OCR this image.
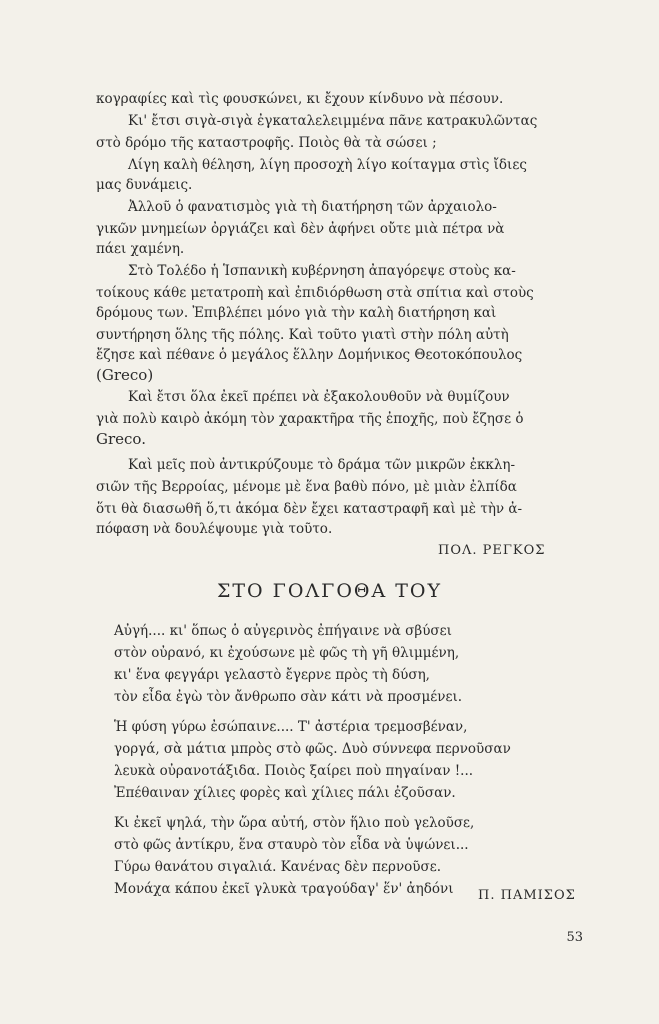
κογραφίες καὶ τὶς φουσκώνει, κι ἔχουν κίνδυνο νὰ πέσουν.
Κι' ἔτσι σιγὰ-σιγὰ ἐγκαταλελειμμένα πᾶνε κατρακυλῶντας
στὸ δρόμο τῆς καταστροφῆς. Ποιὸς θὰ τὰ σώσει ;
Λίγη καλὴ θέληση, λίγη προσοχὴ λίγο κοίταγμα στὶς ἴδιες
μας δυνάμεις.
Ἀλλοῦ ὁ φανατισμὸς γιὰ τὴ διατήρηση τῶν ἀρχαιολο-
γικῶν μνημείων ὀργιάζει καὶ δὲν ἀφήνει οὔτε μιὰ πέτρα νὰ
πάει χαμένη.
Στὸ Τολέδο ἡ Ἱσπανικὴ κυβέρνηση ἀπαγόρεψε στοὺς κα-
τοίκους κάθε μετατροπὴ καὶ ἐπιδιόρθωση στὰ σπίτια καὶ στοὺς
δρόμους των. Ἐπιβλέπει μόνο γιὰ τὴν καλὴ διατήρηση καὶ
συντήρηση ὅλης τῆς πόλης. Καὶ τοῦτο γιατὶ στὴν πόλη αὐτὴ
ἔζησε καὶ πέθανε ὁ μεγάλος ἕλλην Δομήνικος Θεοτοκόπουλος
(Greco)
Καὶ ἔτσι ὅλα ἐκεῖ πρέπει νὰ ἐξακολουθοῦν νὰ θυμίζουν
γιὰ πολὺ καιρὸ ἀκόμη τὸν χαρακτῆρα τῆς ἐποχῆς, ποὺ ἔζησε ὁ
Greco.
Καὶ μεῖς ποὺ ἀντικρύζουμε τὸ δράμα τῶν μικρῶν ἐκκλη-
σιῶν τῆς Βερροίας, μένομε μὲ ἕνα βαθὺ πόνο, μὲ μιὰν ἐλπίδα
ὅτι θὰ διασωθῆ ὅ,τι ἀκόμα δὲν ἔχει καταστραφῆ καὶ μὲ τὴν ἀ-
πόφαση νὰ δουλέψουμε γιὰ τοῦτο.
ΠΟΛ. ΡΕΓΚΟΣ
ΣΤΟ ΓΟΛΓΟΘΑ ΤΟΥ
Αὐγή.... κι' ὅπως ὁ αὐγερινὸς ἐπήγαινε νὰ σβύσει
στὸν οὐρανό, κι ἐχούσωνε μὲ φῶς τὴ γῆ θλιμμένη,
κι' ἕνα φεγγάρι γελαστὸ ἔγερνε πρὸς τὴ δύση,
τὸν εἶδα ἐγὼ τὸν ἄνθρωπο σὰν κάτι νὰ προσμένει.
Ἡ φύση γύρω ἐσώπαινε.... Τ' ἀστέρια τρεμοσβέναν,
γοργά, σὰ μάτια μπρὸς στὸ φῶς. Δυὸ σύννεφα περνοῦσαν
λευκὰ οὐρανοτάξιδα. Ποιὸς ξαίρει ποὺ πηγαίναν !...
Ἐπέθαιναν χίλιες φορὲς καὶ χίλιες πάλι ἐζοῦσαν.
Κι ἐκεῖ ψηλά, τὴν ὥρα αὐτή, στὸν ἥλιο ποὺ γελοῦσε,
στὸ φῶς ἀντίκρυ, ἕνα σταυρὸ τὸν εἶδα νὰ ὑψώνει...
Γύρω θανάτου σιγαλιά. Κανένας δὲν περνοῦσε.
Μονάχα κάπου ἐκεῖ γλυκὰ τραγούδαγ' ἕν' ἀηδόνι Π. ΠΑΜΙΣΟΣ
53
